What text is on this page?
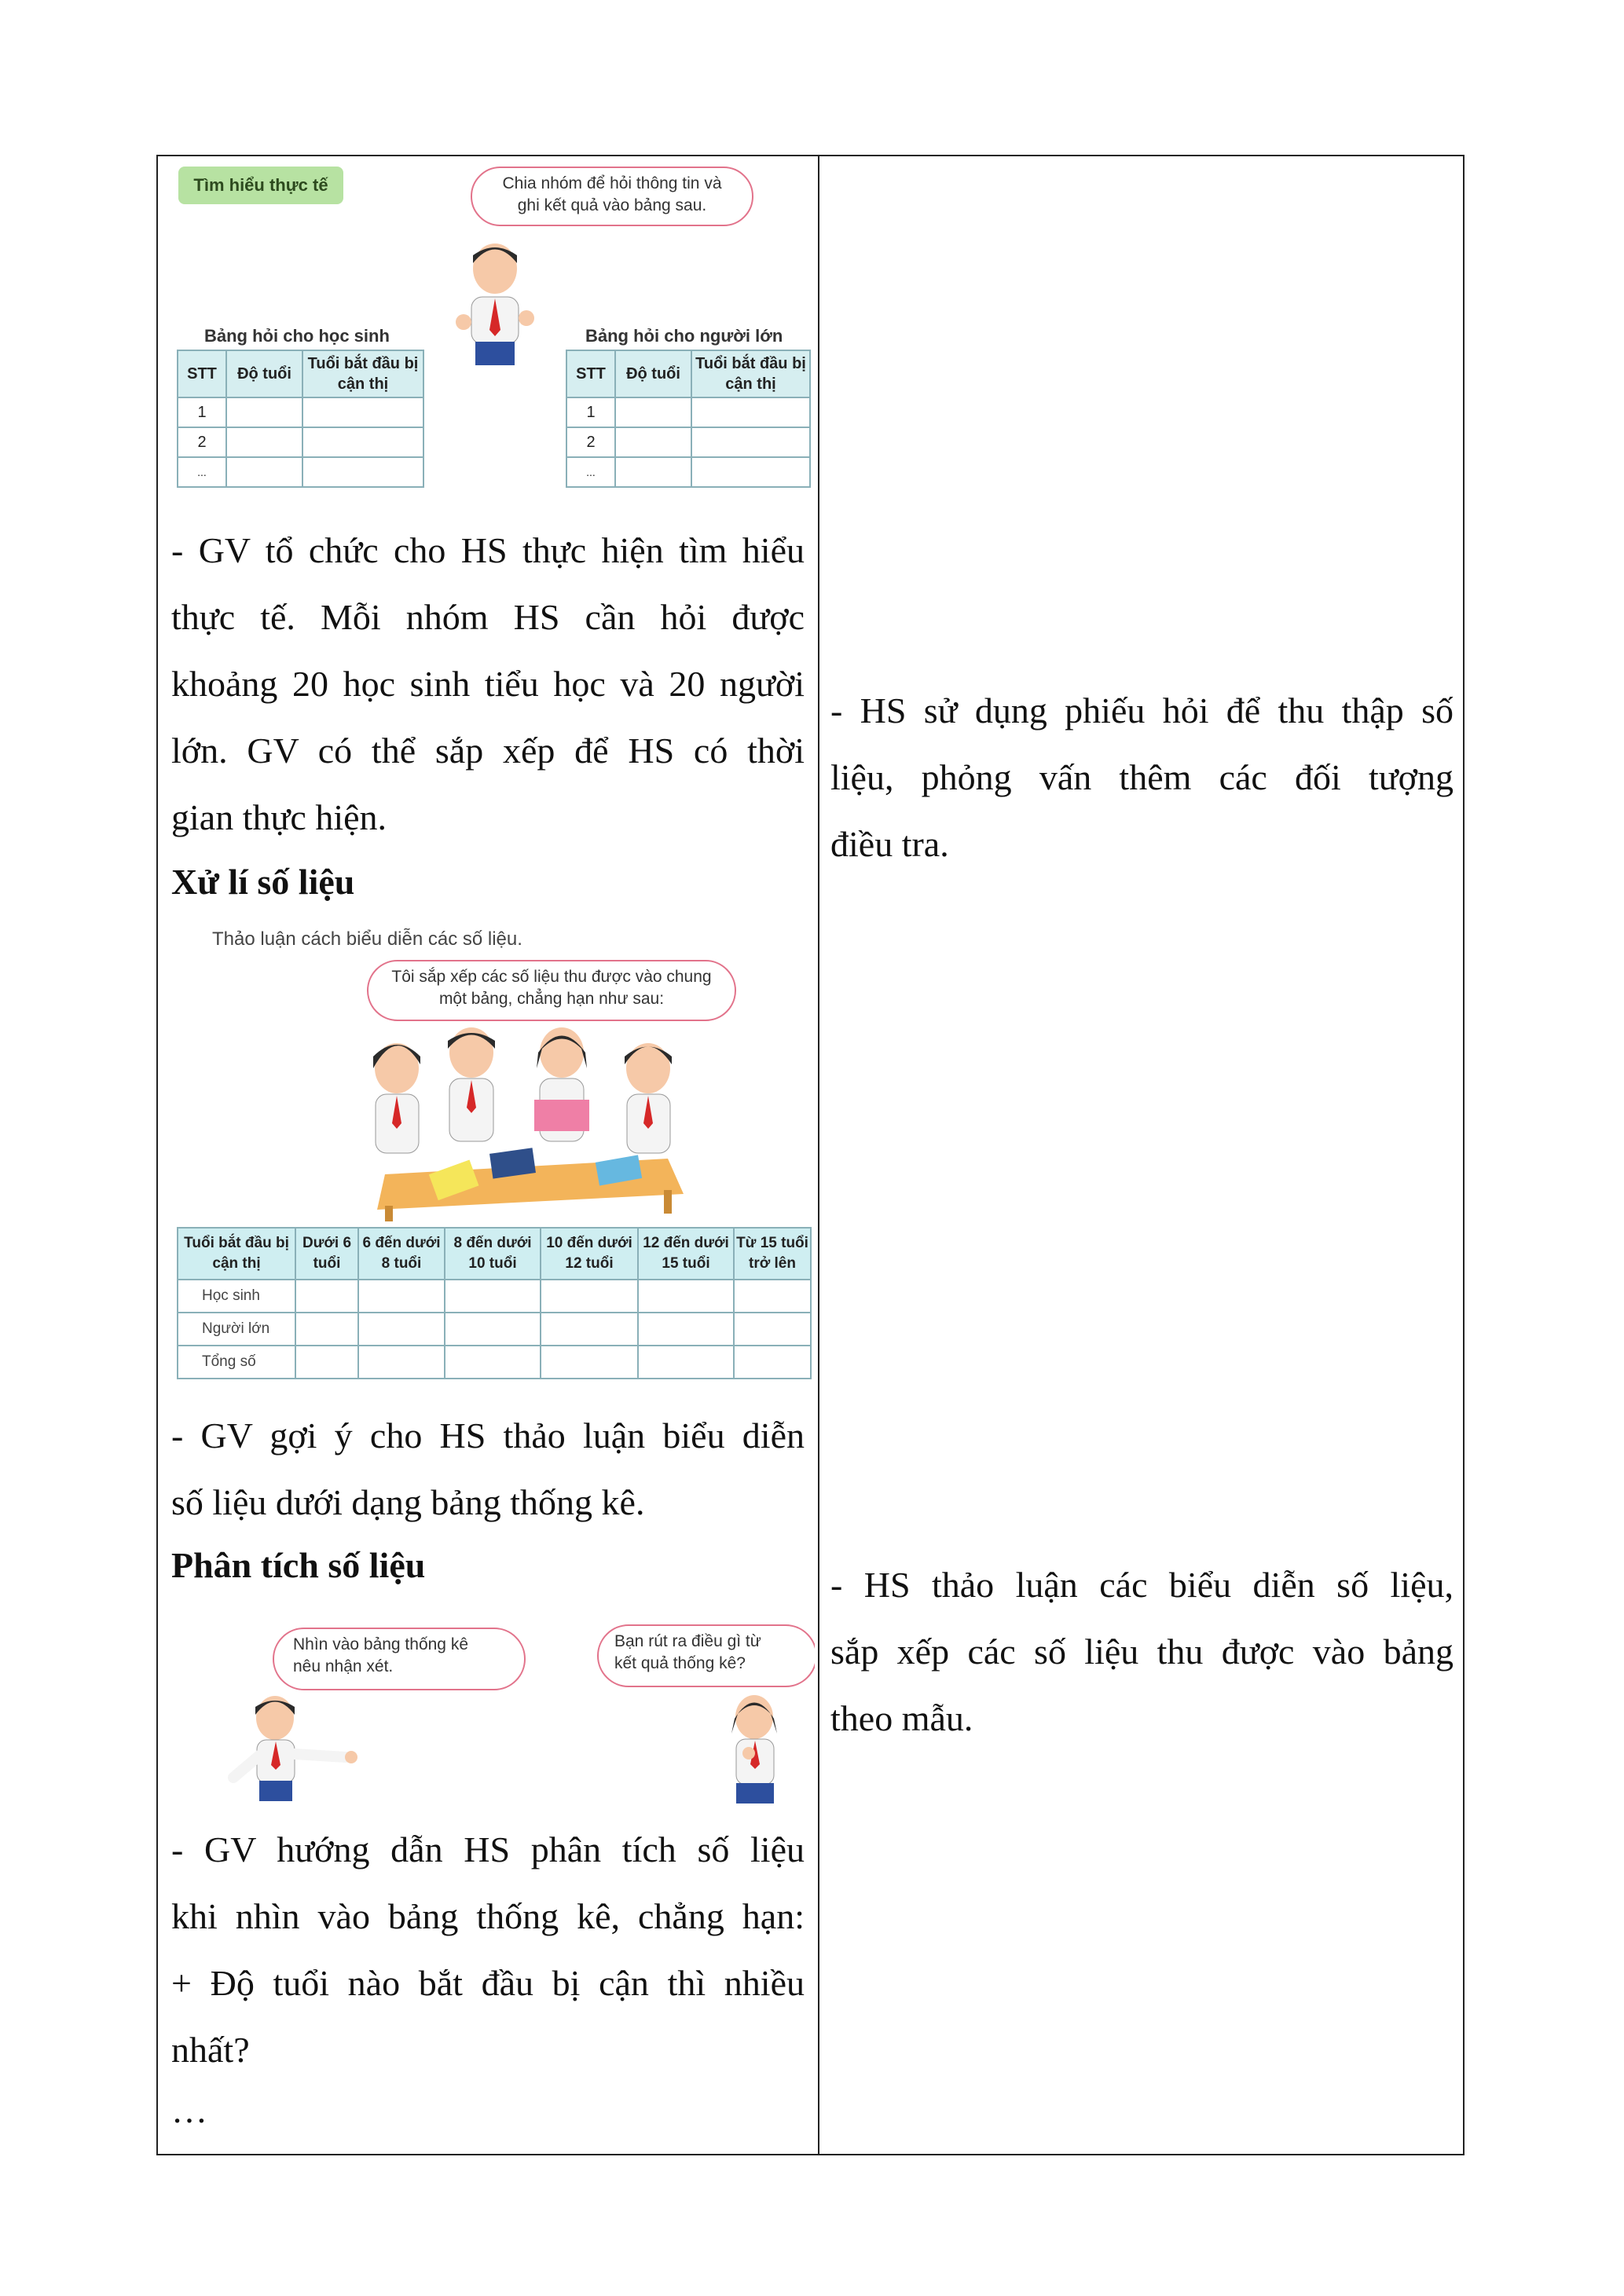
Tìm hiểu thực tế	Chia nhóm để hỏi thông tin và
ghi kết quả vào bảng sau.
Bảng hỏi cho học sinh
STT	Độ tuổi	Tuổi bắt đầu bị cận thị
1		
2		
...		
Bảng hỏi cho người lớn
STT	Độ tuổi	Tuổi bắt đầu bị cận thị
1		
2		
...		
- GV tổ chức cho HS thực hiện tìm hiểu
thực tế. Mỗi nhóm HS cần hỏi được
khoảng 20 học sinh tiểu học và 20 người
lớn. GV có thể sắp xếp để HS có thời
gian thực hiện.
Xử lí số liệu
Thảo luận cách biểu diễn các số liệu.
Tôi sắp xếp các số liệu thu được vào chung
một bảng, chẳng hạn như sau:
Tuổi bắt đầu bị cận thị	Dưới 6 tuổi	6 đến dưới 8 tuổi	8 đến dưới 10 tuổi	10 đến dưới 12 tuổi	12 đến dưới 15 tuổi	Từ 15 tuổi trở lên
Học sinh						
Người lớn						
Tổng số						
- GV gợi ý cho HS thảo luận biểu diễn
số liệu dưới dạng bảng thống kê.
Phân tích số liệu
Nhìn vào bảng thống kê
nêu nhận xét.
Bạn rút ra điều gì từ
kết quả thống kê?
- GV hướng dẫn HS phân tích số liệu
khi nhìn vào bảng thống kê, chẳng hạn:
+ Độ tuổi nào bắt đầu bị cận thì nhiều
nhất?
…
- HS sử dụng phiếu hỏi để thu thập số
liệu, phỏng vấn thêm các đối tượng
điều tra.
- HS thảo luận các biểu diễn số liệu,
sắp xếp các số liệu thu được vào bảng
theo mẫu.
